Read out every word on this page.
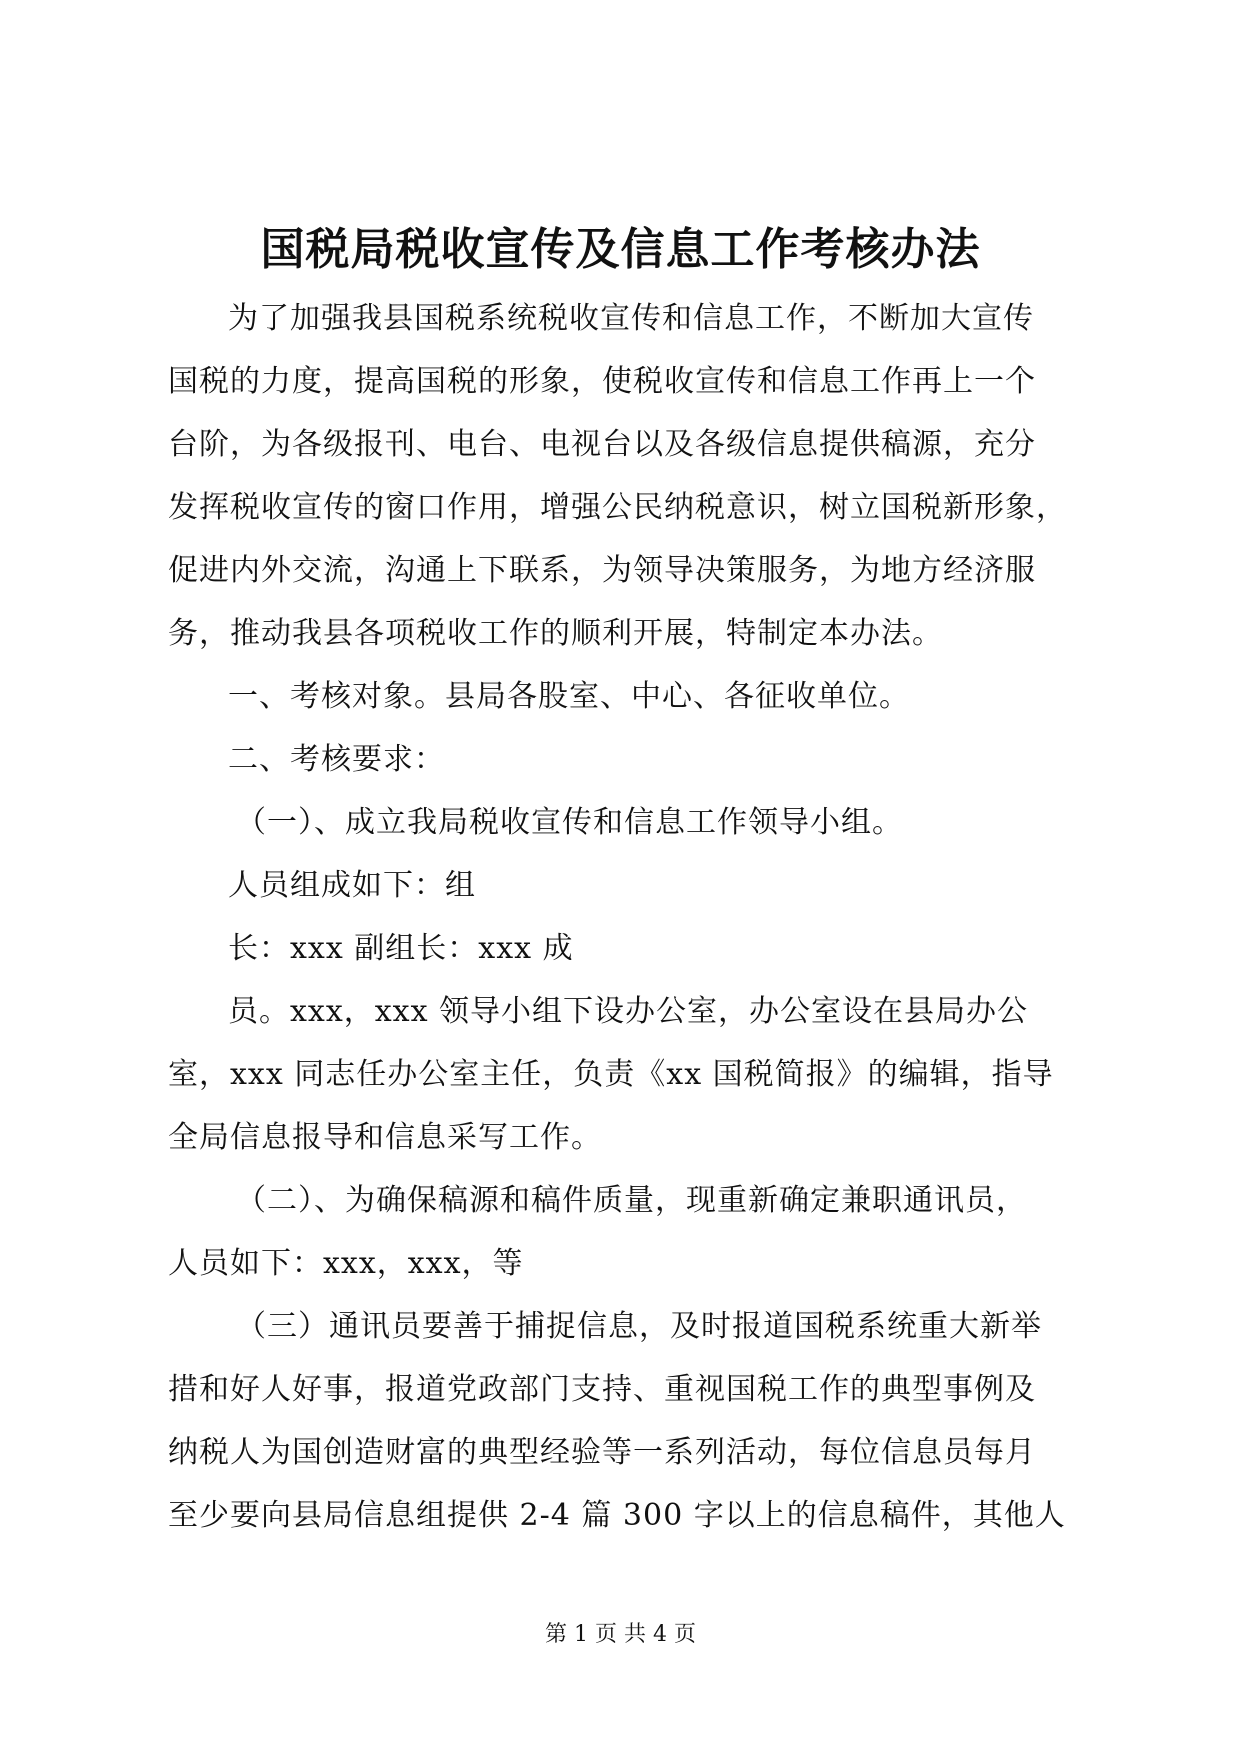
国税局税收宣传及信息工作考核办法
为了加强我县国税系统税收宣传和信息工作，不断加大宣传
国税的力度，提高国税的形象，使税收宣传和信息工作再上一个
台阶，为各级报刊、电台、电视台以及各级信息提供稿源，充分
发挥税收宣传的窗口作用，增强公民纳税意识，树立国税新形象，
促进内外交流，沟通上下联系，为领导决策服务，为地方经济服
务，推动我县各项税收工作的顺利开展，特制定本办法。
一、考核对象。县局各股室、中心、各征收单位。
二、考核要求：
（一）、成立我局税收宣传和信息工作领导小组。
人员组成如下：组
长：xxx 副组长：xxx 成
员。xxx，xxx 领导小组下设办公室，办公室设在县局办公
室，xxx 同志任办公室主任，负责《xx 国税简报》的编辑，指导
全局信息报导和信息采写工作。
（二）、为确保稿源和稿件质量，现重新确定兼职通讯员，
人员如下：xxx，xxx，等
（三）通讯员要善于捕捉信息，及时报道国税系统重大新举
措和好人好事，报道党政部门支持、重视国税工作的典型事例及
纳税人为国创造财富的典型经验等一系列活动，每位信息员每月
至少要向县局信息组提供 2-4 篇 300 字以上的信息稿件，其他人
第 1 页 共 4 页
